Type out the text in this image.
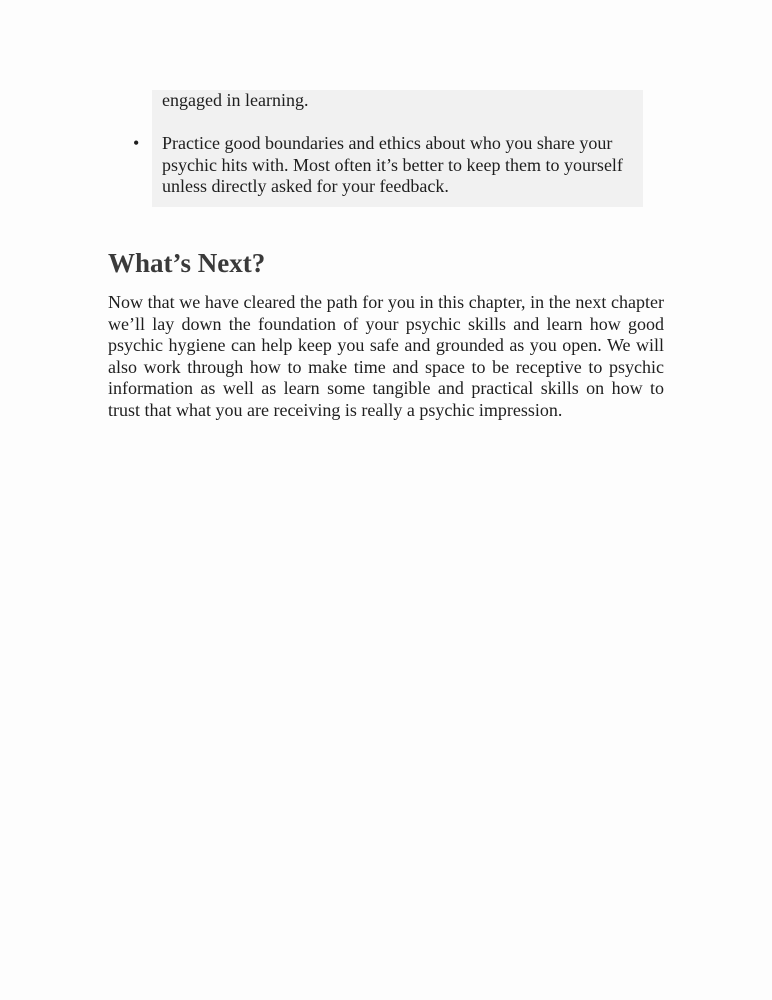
engaged in learning.

• Practice good boundaries and ethics about who you share your psychic hits with. Most often it’s better to keep them to yourself unless directly asked for your feedback.
What’s Next?

Now that we have cleared the path for you in this chapter, in the next chapter we’ll lay down the foundation of your psychic skills and learn how good psychic hygiene can help keep you safe and grounded as you open. We will also work through how to make time and space to be receptive to psychic information as well as learn some tangible and practical skills on how to trust that what you are receiving is really a psychic impression.
